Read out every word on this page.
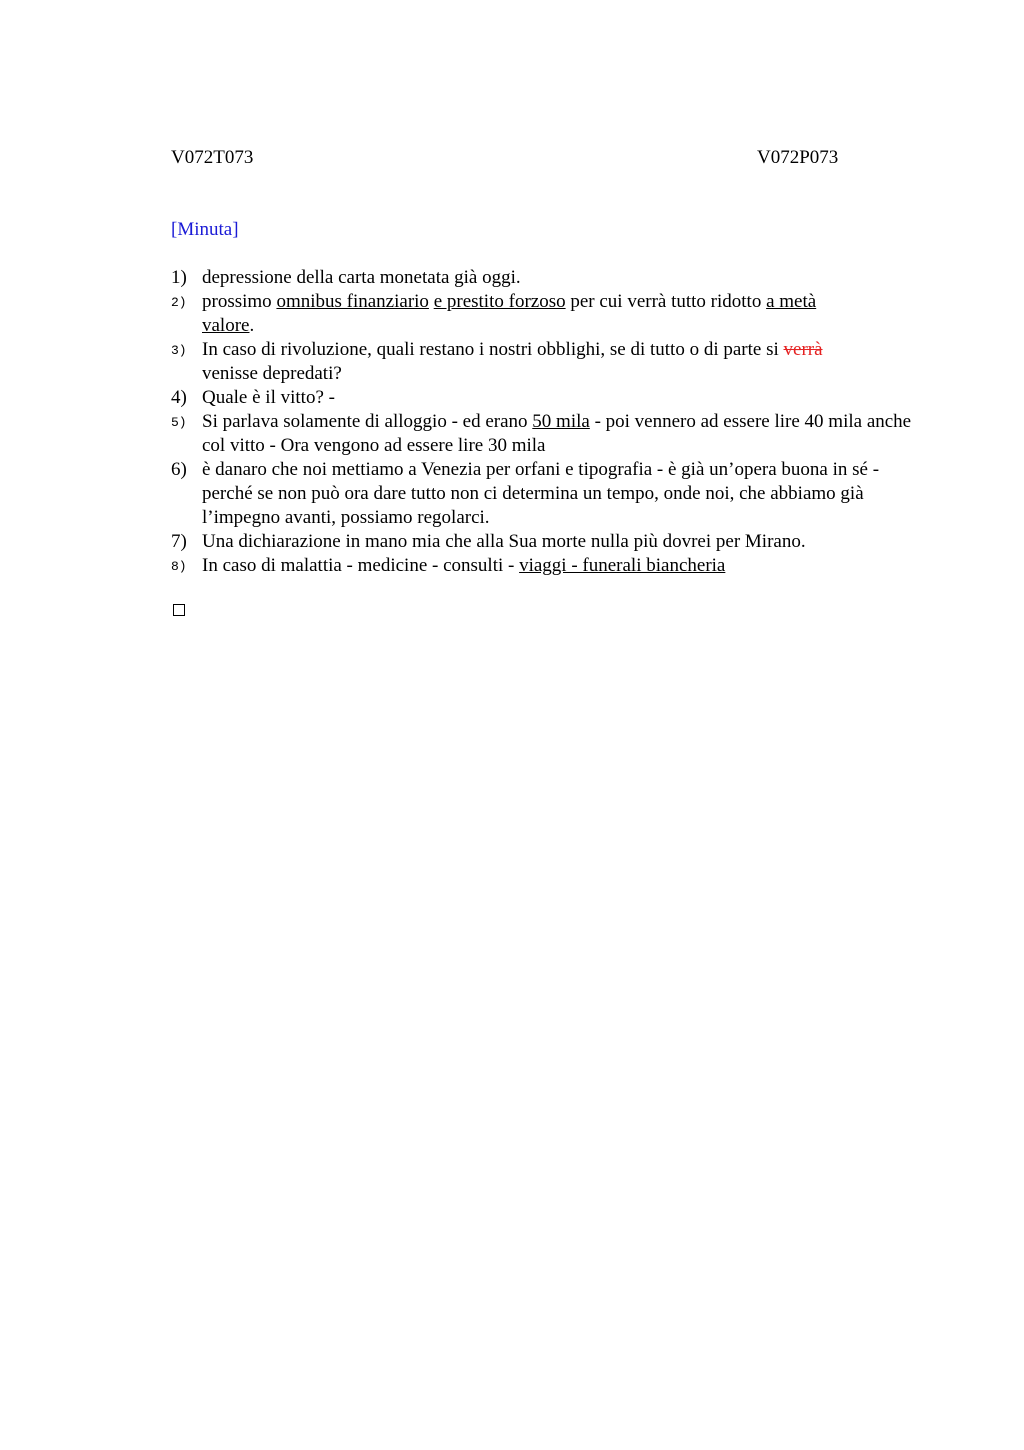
V072T073	V072P073
[Minuta]
1) depressione della carta monetata già oggi.
2) prossimo omnibus finanziario e prestito forzoso per cui verrà tutto ridotto a metà
valore.
3) In caso di rivoluzione, quali restano i nostri obblighi, se di tutto o di parte si verrà
venisse depredati?
4) Quale è il vitto? -
5) Si parlava solamente di alloggio - ed erano 50 mila - poi vennero ad essere lire 40 mila anche col vitto - Ora vengono ad essere lire 30 mila
6) è danaro che noi mettiamo a Venezia per orfani e tipografia - è già un’opera buona in sé - perché se non può ora dare tutto non ci determina un tempo, onde noi, che abbiamo già l’impegno avanti, possiamo regolarci.
7) Una dichiarazione in mano mia che alla Sua morte nulla più dovrei per Mirano.
8) In caso di malattia - medicine - consulti - viaggi - funerali biancheria
